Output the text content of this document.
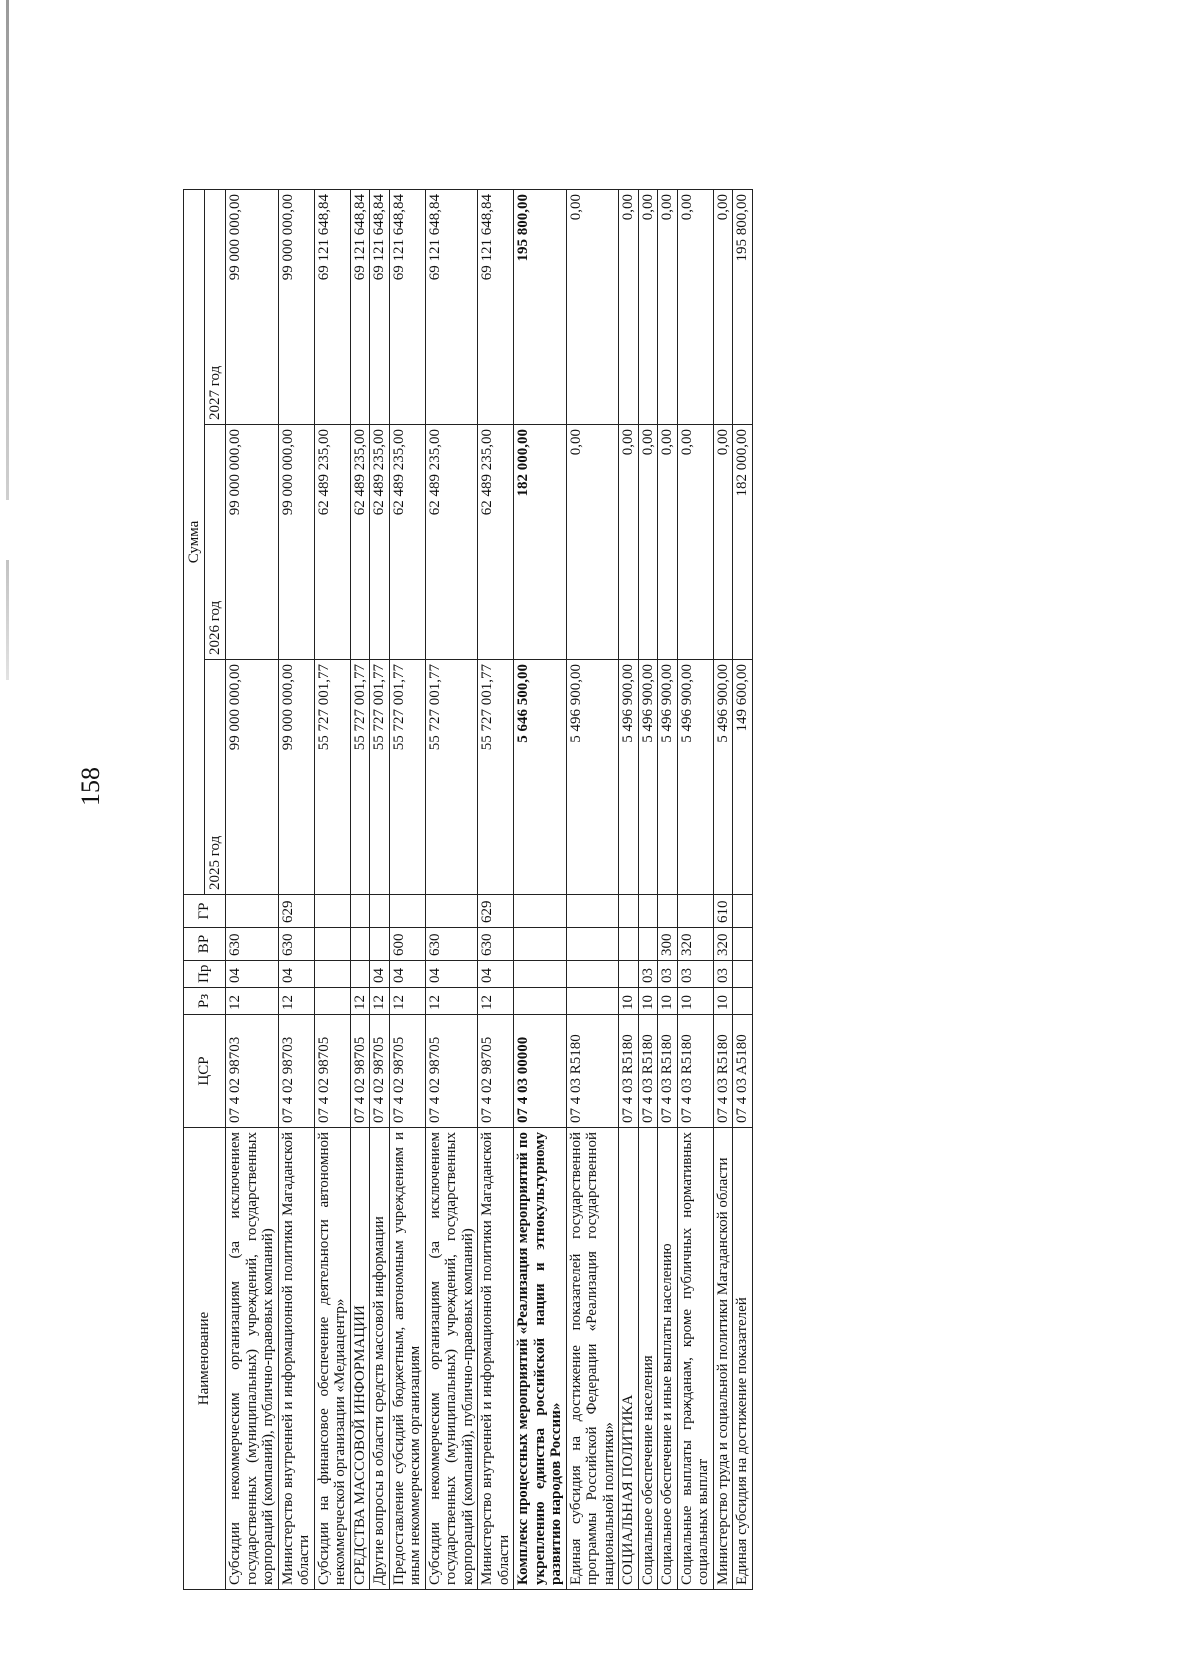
158
Наименование	ЦСР	Рз	Пр	ВР	ГР	Сумма		
						2025 год	2026 год	2027 год
Субсидии некоммерческим организациям (за исключением государственных (муниципальных) учреждений, государственных корпораций (компаний), публично-правовых компаний)	07 4 02 98703	12	04	630		99 000 000,00	99 000 000,00	99 000 000,00
Министерство внутренней и информационной политики Магаданской области	07 4 02 98703	12	04	630	629	99 000 000,00	99 000 000,00	99 000 000,00
Субсидии на финансовое обеспечение деятельности автономной некоммерческой организации «Медиацентр»	07 4 02 98705					55 727 001,77	62 489 235,00	69 121 648,84
СРЕДСТВА МАССОВОЙ ИНФОРМАЦИИ	07 4 02 98705	12				55 727 001,77	62 489 235,00	69 121 648,84
Другие вопросы в области средств массовой информации	07 4 02 98705	12	04			55 727 001,77	62 489 235,00	69 121 648,84
Предоставление субсидий бюджетным, автономным учреждениям и иным некоммерческим организациям	07 4 02 98705	12	04	600		55 727 001,77	62 489 235,00	69 121 648,84
Субсидии некоммерческим организациям (за исключением государственных (муниципальных) учреждений, государственных корпораций (компаний), публично-правовых компаний)	07 4 02 98705	12	04	630		55 727 001,77	62 489 235,00	69 121 648,84
Министерство внутренней и информационной политики Магаданской области	07 4 02 98705	12	04	630	629	55 727 001,77	62 489 235,00	69 121 648,84
Комплекс процессных мероприятий «Реализация мероприятий по укреплению единства российской нации и этнокультурному развитию народов России»	07 4 03 00000					5 646 500,00	182 000,00	195 800,00
Единая субсидия на достижение показателей государственной программы Российской Федерации «Реализация государственной национальной политики»	07 4 03 R5180					5 496 900,00	0,00	0,00
СОЦИАЛЬНАЯ ПОЛИТИКА	07 4 03 R5180	10				5 496 900,00	0,00	0,00
Социальное обеспечение населения	07 4 03 R5180	10	03			5 496 900,00	0,00	0,00
Социальное обеспечение и иные выплаты населению	07 4 03 R5180	10	03	300		5 496 900,00	0,00	0,00
Социальные выплаты гражданам, кроме публичных нормативных социальных выплат	07 4 03 R5180	10	03	320		5 496 900,00	0,00	0,00
Министерство труда и социальной политики Магаданской области	07 4 03 R5180	10	03	320	610	5 496 900,00	0,00	0,00
Единая субсидия на достижение показателей	07 4 03 A5180					149 600,00	182 000,00	195 800,00
